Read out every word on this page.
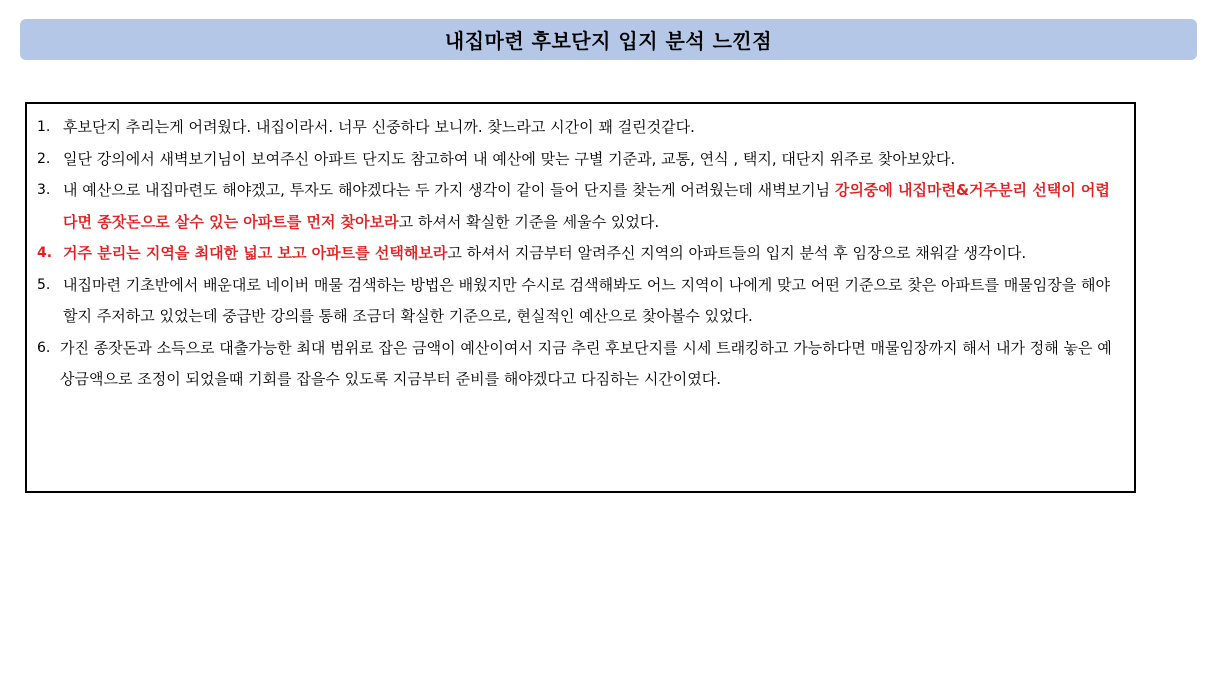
내집마련 후보단지 입지 분석 느낀점
1. 후보단지 추리는게 어려웠다. 내집이라서. 너무 신중하다 보니까. 찾느라고 시간이 꽤 걸린것같다.
2. 일단 강의에서 새벽보기님이 보여주신 아파트 단지도 참고하여 내 예산에 맞는 구별 기준과, 교통, 연식 , 택지, 대단지 위주로 찾아보았다.
3. 내 예산으로 내집마련도 해야겠고, 투자도 해야겠다는 두 가지 생각이 같이 들어 단지를 찾는게 어려웠는데 새벽보기님 강의중에 내집마련&거주분리 선택이 어렵다면 종잣돈으로 살수 있는 아파트를 먼저 찾아보라고 하셔서 확실한 기준을 세울수 있었다.
4. 거주 분리는 지역을 최대한 넓고 보고 아파트를 선택해보라고 하셔서 지금부터 알려주신 지역의 아파트들의 입지 분석 후 임장으로 채워갈 생각이다.
5. 내집마련 기초반에서 배운대로 네이버 매물 검색하는 방법은 배웠지만 수시로 검색해봐도 어느 지역이 나에게 맞고 어떤 기준으로 찾은 아파트를 매물임장을 해야할지 주저하고 있었는데 중급반 강의를 통해 조금더 확실한 기준으로, 현실적인 예산으로 찾아볼수 있었다.
6. 가진 종잣돈과 소득으로 대출가능한 최대 범위로 잡은 금액이 예산이여서 지금 추린 후보단지를 시세 트래킹하고 가능하다면 매물임장까지 해서 내가 정해 놓은 예상금액으로 조정이 되었을때 기회를 잡을수 있도록 지금부터 준비를 해야겠다고 다짐하는 시간이였다.
